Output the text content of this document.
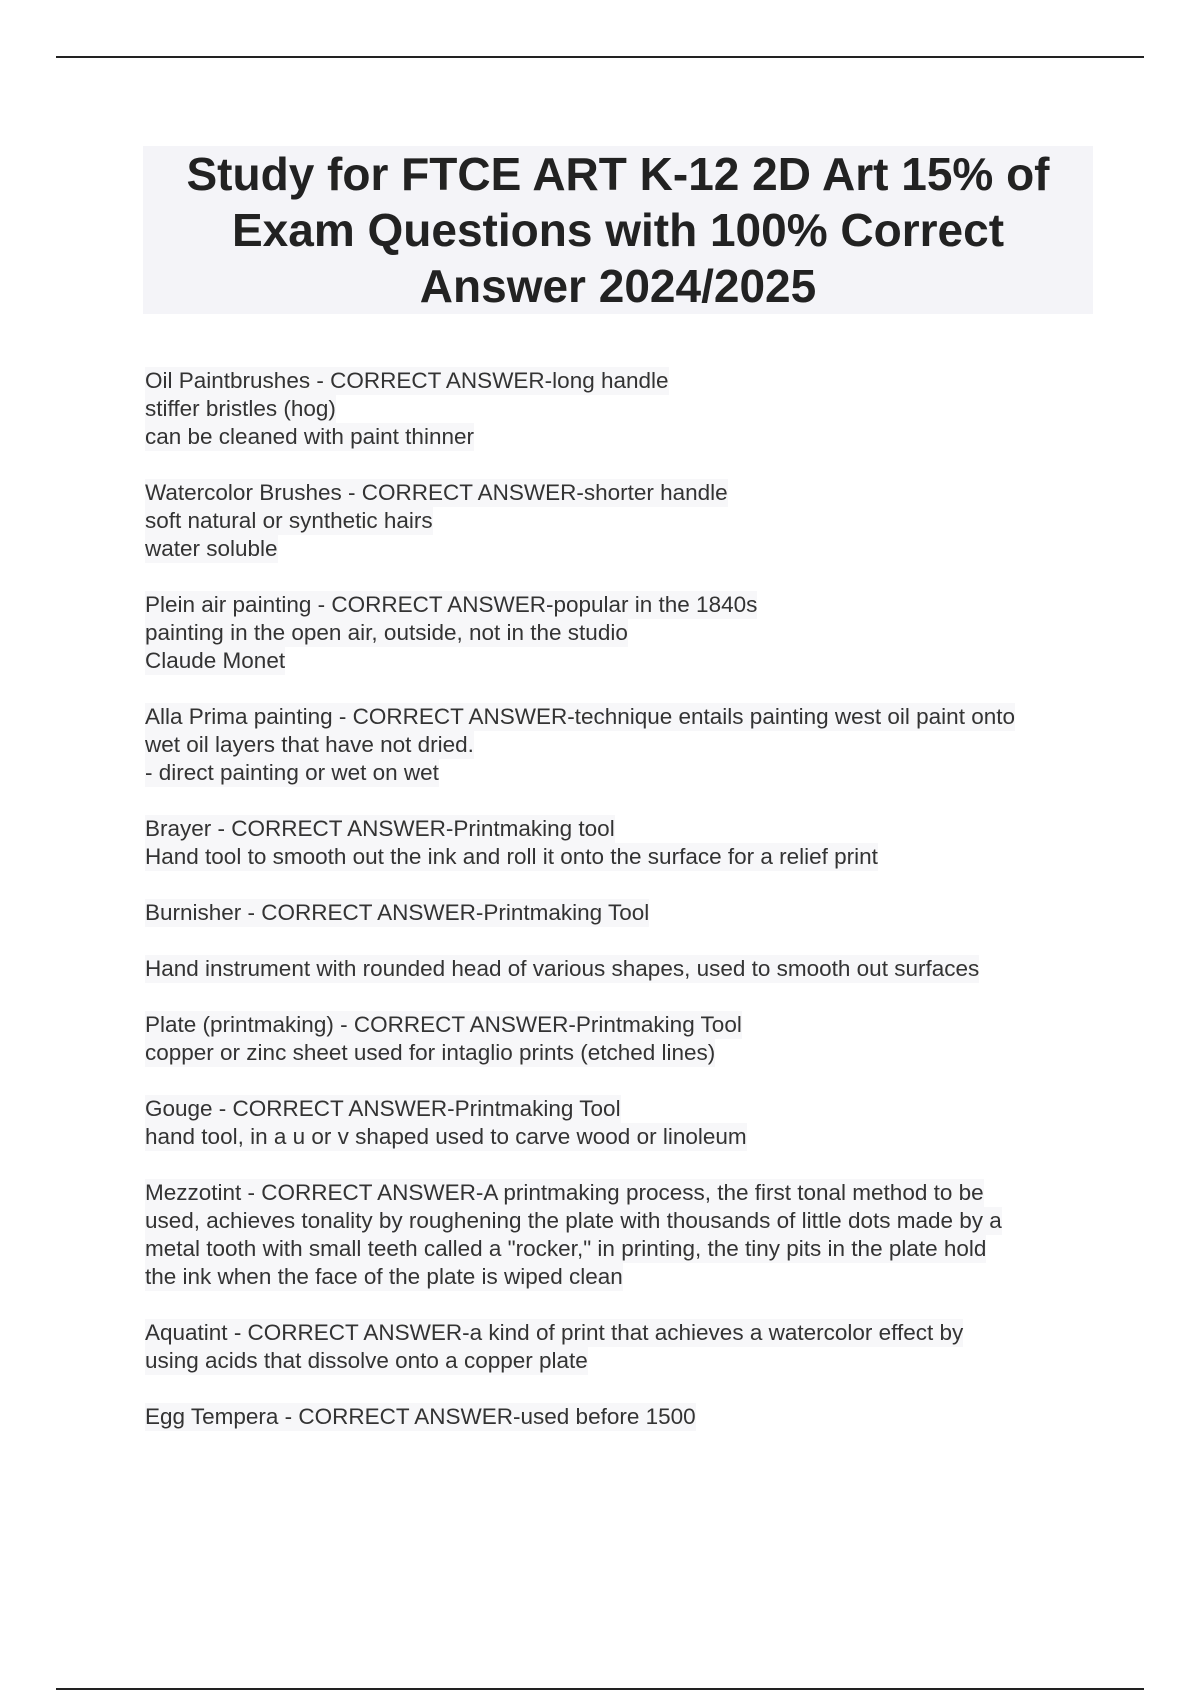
Study for FTCE ART K-12 2D Art 15% of Exam Questions with 100% Correct Answer 2024/2025
Oil Paintbrushes - CORRECT ANSWER-long handle
stiffer bristles (hog)
can be cleaned with paint thinner

Watercolor Brushes - CORRECT ANSWER-shorter handle
soft natural or synthetic hairs
water soluble

Plein air painting - CORRECT ANSWER-popular in the 1840s
painting in the open air, outside, not in the studio
Claude Monet

Alla Prima painting - CORRECT ANSWER-technique entails painting west oil paint onto
wet oil layers that have not dried.
- direct painting or wet on wet

Brayer - CORRECT ANSWER-Printmaking tool
Hand tool to smooth out the ink and roll it onto the surface for a relief print

Burnisher - CORRECT ANSWER-Printmaking Tool

Hand instrument with rounded head of various shapes, used to smooth out surfaces

Plate (printmaking) - CORRECT ANSWER-Printmaking Tool
copper or zinc sheet used for intaglio prints (etched lines)

Gouge - CORRECT ANSWER-Printmaking Tool
hand tool, in a u or v shaped used to carve wood or linoleum

Mezzotint - CORRECT ANSWER-A printmaking process, the first tonal method to be
used, achieves tonality by roughening the plate with thousands of little dots made by a
metal tooth with small teeth called a "rocker," in printing, the tiny pits in the plate hold
the ink when the face of the plate is wiped clean

Aquatint - CORRECT ANSWER-a kind of print that achieves a watercolor effect by
using acids that dissolve onto a copper plate

Egg Tempera - CORRECT ANSWER-used before 1500
